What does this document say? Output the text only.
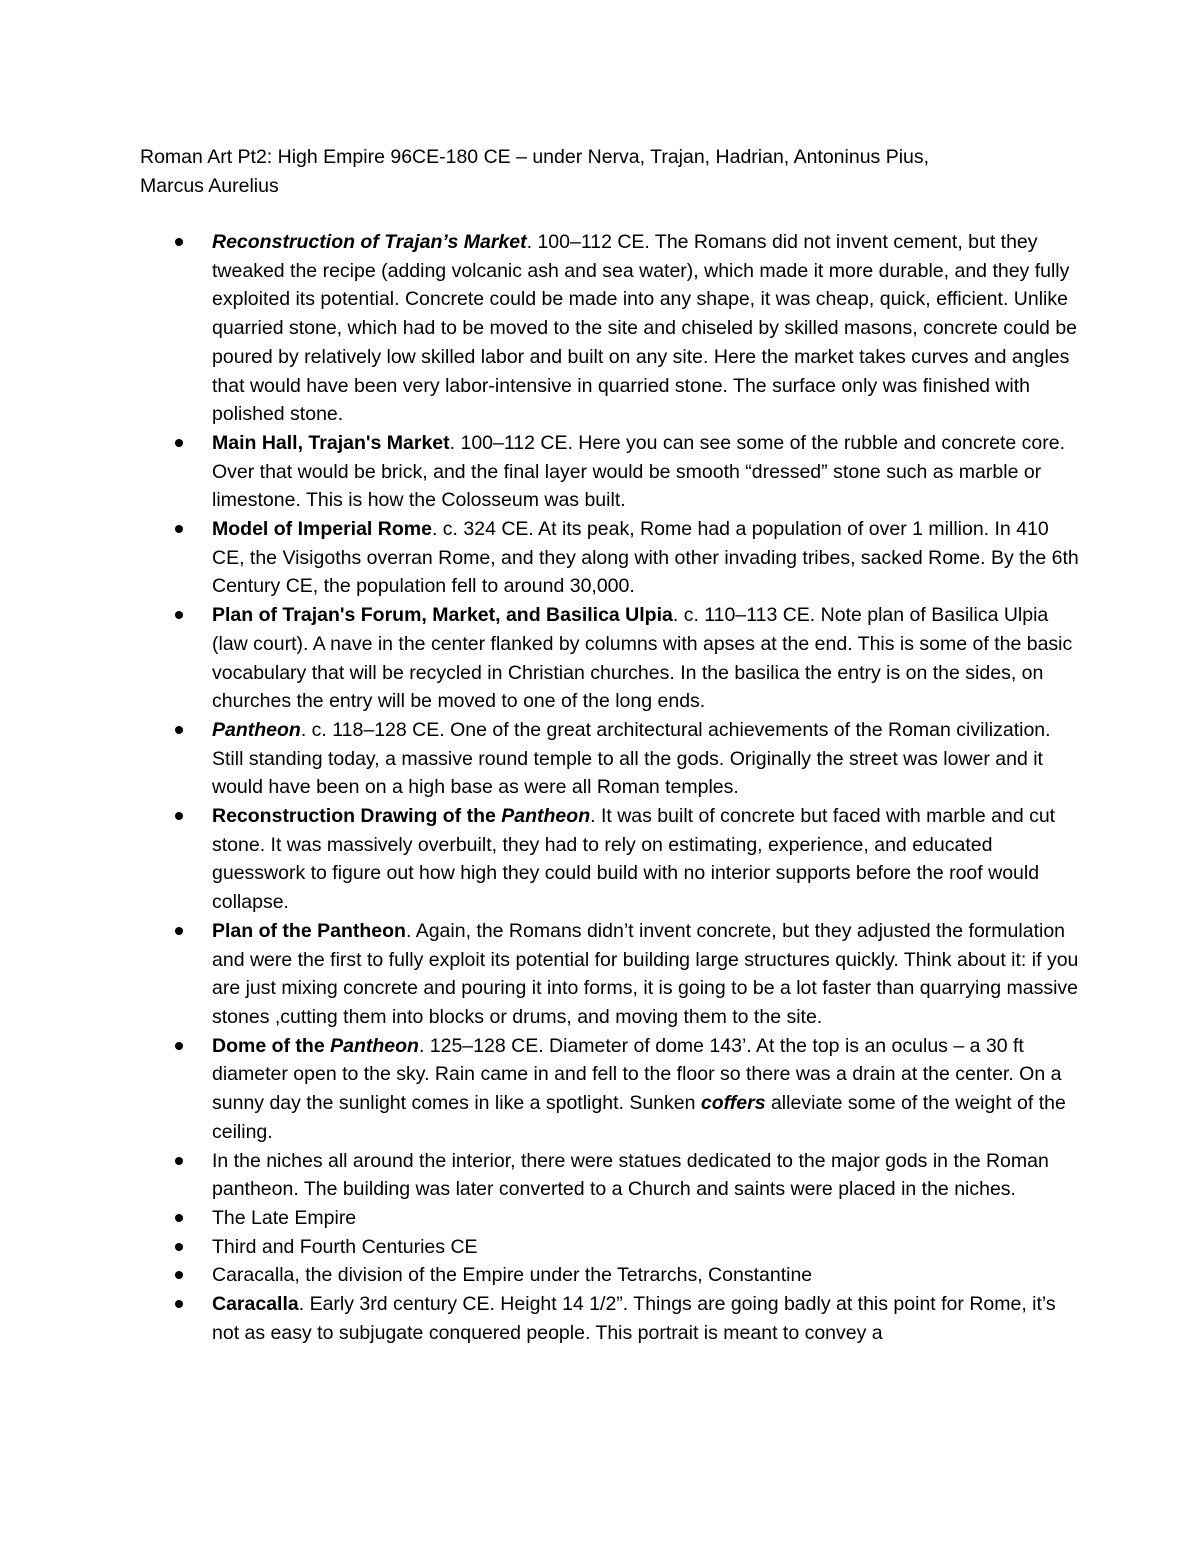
Roman Art Pt2: High Empire 96CE-180 CE – under Nerva, Trajan, Hadrian, Antoninus Pius,
Marcus Aurelius

Reconstruction of Trajan’s Market. 100–112 CE. The Romans did not invent cement, but they tweaked the recipe (adding volcanic ash and sea water), which made it more durable, and they fully exploited its potential. Concrete could be made into any shape, it was cheap, quick, efficient. Unlike quarried stone, which had to be moved to the site and chiseled by skilled masons, concrete could be poured by relatively low skilled labor and built on any site. Here the market takes curves and angles that would have been very labor-intensive in quarried stone. The surface only was finished with polished stone.
Main Hall, Trajan's Market. 100–112 CE. Here you can see some of the rubble and concrete core. Over that would be brick, and the final layer would be smooth “dressed” stone such as marble or limestone. This is how the Colosseum was built.
Model of Imperial Rome. c. 324 CE. At its peak, Rome had a population of over 1 million. In 410 CE, the Visigoths overran Rome, and they along with other invading tribes, sacked Rome. By the 6th Century CE, the population fell to around 30,000.
Plan of Trajan's Forum, Market, and Basilica Ulpia. c. 110–113 CE. Note plan of Basilica Ulpia (law court). A nave in the center flanked by columns with apses at the end. This is some of the basic vocabulary that will be recycled in Christian churches. In the basilica the entry is on the sides, on churches the entry will be moved to one of the long ends.
Pantheon. c. 118–128 CE. One of the great architectural achievements of the Roman civilization. Still standing today, a massive round temple to all the gods. Originally the street was lower and it would have been on a high base as were all Roman temples.
Reconstruction Drawing of the Pantheon. It was built of concrete but faced with marble and cut stone. It was massively overbuilt, they had to rely on estimating, experience, and educated guesswork to figure out how high they could build with no interior supports before the roof would collapse.
Plan of the Pantheon. Again, the Romans didn’t invent concrete, but they adjusted the formulation and were the first to fully exploit its potential for building large structures quickly. Think about it: if you are just mixing concrete and pouring it into forms, it is going to be a lot faster than quarrying massive stones ,cutting them into blocks or drums, and moving them to the site.
Dome of the Pantheon. 125–128 CE. Diameter of dome 143’. At the top is an oculus – a 30 ft diameter open to the sky. Rain came in and fell to the floor so there was a drain at the center. On a sunny day the sunlight comes in like a spotlight. Sunken coffers alleviate some of the weight of the ceiling.
In the niches all around the interior, there were statues dedicated to the major gods in the Roman pantheon. The building was later converted to a Church and saints were placed in the niches.
The Late Empire
Third and Fourth Centuries CE
Caracalla, the division of the Empire under the Tetrarchs, Constantine
Caracalla. Early 3rd century CE. Height 14 1/2”. Things are going badly at this point for Rome, it’s not as easy to subjugate conquered people. This portrait is meant to convey a
